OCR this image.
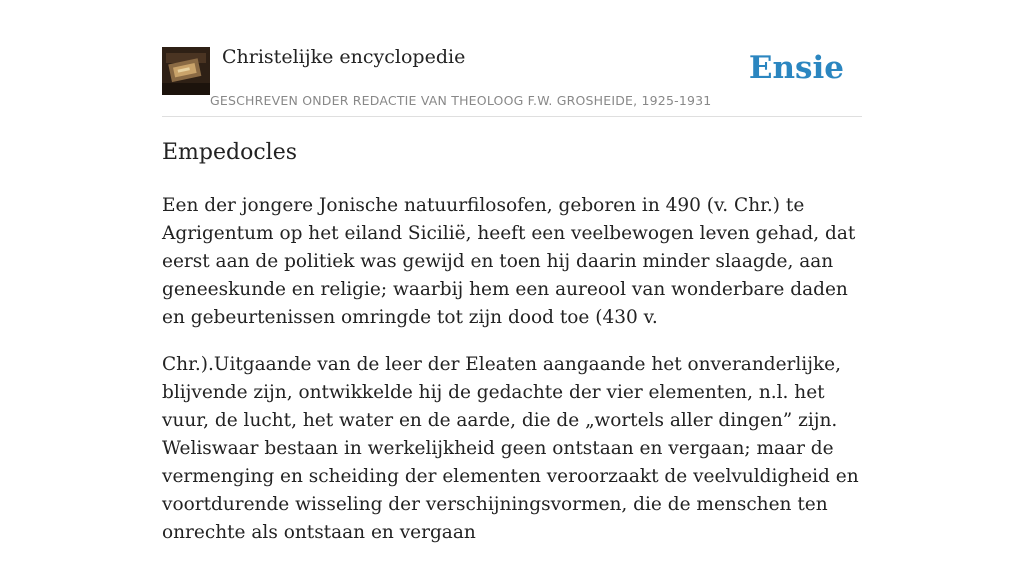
Christelijke encyclopedie
GESCHREVEN ONDER REDACTIE VAN THEOLOOG F.W. GROSHEIDE, 1925-1931
Ensie
Empedocles

Een der jongere Jonische natuurfilosofen, geboren in 490 (v. Chr.) te Agrigentum op het eiland Sicilië, heeft een veelbewogen leven gehad, dat eerst aan de politiek was gewijd en toen hij daarin minder slaagde, aan geneeskunde en religie; waarbij hem een aureool van wonderbare daden en gebeurtenissen omringde tot zijn dood toe (430 v.

Chr.).Uitgaande van de leer der Eleaten aangaande het onveranderlijke, blijvende zijn, ontwikkelde hij de gedachte der vier elementen, n.l. het vuur, de lucht, het water en de aarde, die de „wortels aller dingen” zijn. Weliswaar bestaan in werkelijkheid geen ontstaan en vergaan; maar de vermenging en scheiding der elementen veroorzaakt de veelvuldigheid en voortdurende wisseling der verschijningsvormen, die de menschen ten onrechte als ontstaan en vergaan
